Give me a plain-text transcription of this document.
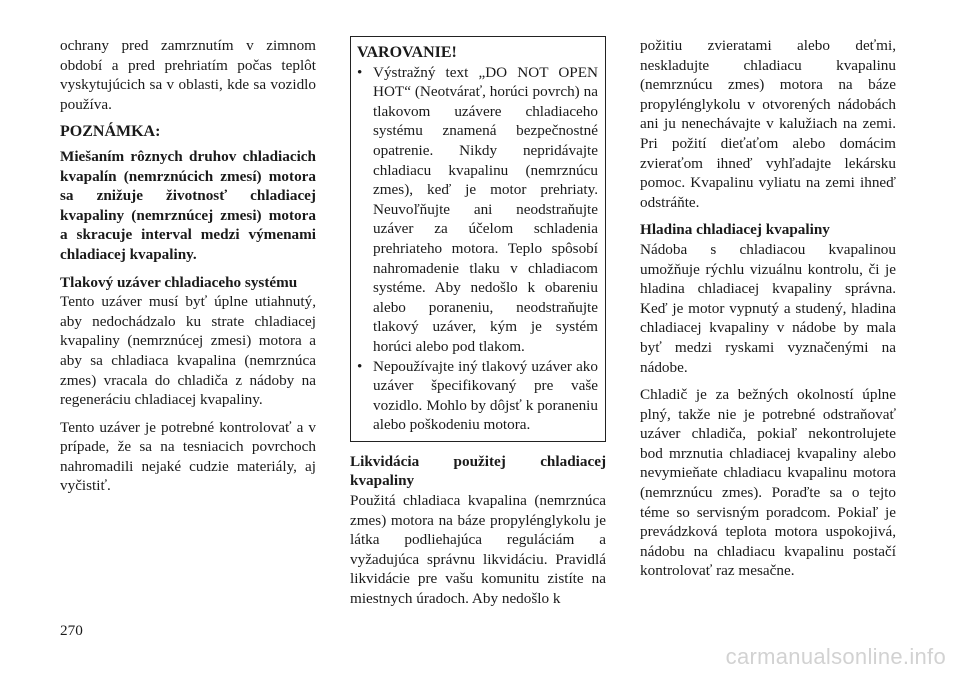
ochrany pred zamrznutím v zimnom období a pred prehriatím počas teplôt vyskytujúcich sa v oblasti, kde sa vozidlo používa.

POZNÁMKA:

Miešaním rôznych druhov chladiacich kvapalín (nemrznúcich zmesí) motora sa znižuje životnosť chladiacej kvapaliny (nemrznúcej zmesi) motora a skracuje interval medzi výmenami chladiacej kvapaliny.

Tlakový uzáver chladiaceho systému

Tento uzáver musí byť úplne utiahnutý, aby nedochádzalo ku strate chladiacej kvapaliny (nemrznúcej zmesi) motora a aby sa chladiaca kvapalina (nemrznúca zmes) vracala do chladiča z nádoby na regeneráciu chladiacej kvapaliny.

Tento uzáver je potrebné kontrolovať a v prípade, že sa na tesniacich povrchoch nahromadili nejaké cudzie materiály, aj vyčistiť.

VAROVANIE!

• Výstražný text „DO NOT OPEN HOT“ (Neotvárať, horúci povrch) na tlakovom uzávere chladiaceho systému znamená bezpečnostné opatrenie. Nikdy nepridávajte chladiacu kvapalinu (nemrznúcu zmes), keď je motor prehriaty. Neuvoľňujte ani neodstraňujte uzáver za účelom schladenia prehriateho motora. Teplo spôsobí nahromadenie tlaku v chladiacom systéme. Aby nedošlo k obareniu alebo poraneniu, neodstraňujte tlakový uzáver, kým je systém horúci alebo pod tlakom.
• Nepoužívajte iný tlakový uzáver ako uzáver špecifikovaný pre vaše vozidlo. Mohlo by dôjsť k poraneniu alebo poškodeniu motora.

Likvidácia použitej chladiacej kvapaliny

Použitá chladiaca kvapalina (nemrznúca zmes) motora na báze propylénglykolu je látka podliehajúca reguláciám a vyžadujúca správnu likvidáciu. Pravidlá likvidácie pre vašu komunitu zistíte na miestnych úradoch. Aby nedošlo k

požitiu zvieratami alebo deťmi, neskladujte chladiacu kvapalinu (nemrznúcu zmes) motora na báze propylénglykolu v otvorených nádobách ani ju nenechávajte v kalužiach na zemi. Pri požití dieťaťom alebo domácim zvieraťom ihneď vyhľadajte lekársku pomoc. Kvapalinu vyliatu na zemi ihneď odstráňte.

Hladina chladiacej kvapaliny

Nádoba s chladiacou kvapalinou umožňuje rýchlu vizuálnu kontrolu, či je hladina chladiacej kvapaliny správna. Keď je motor vypnutý a studený, hladina chladiacej kvapaliny v nádobe by mala byť medzi ryskami vyznačenými na nádobe.

Chladič je za bežných okolností úplne plný, takže nie je potrebné odstraňovať uzáver chladiča, pokiaľ nekontrolujete bod mrznutia chladiacej kvapaliny alebo nevymieňate chladiacu kvapalinu motora (nemrznúcu zmes). Poraďte sa o tejto téme so servisným poradcom. Pokiaľ je prevádzková teplota motora uspokojivá, nádobu na chladiacu kvapalinu postačí kontrolovať raz mesačne.

270
carmanualsonline.info
